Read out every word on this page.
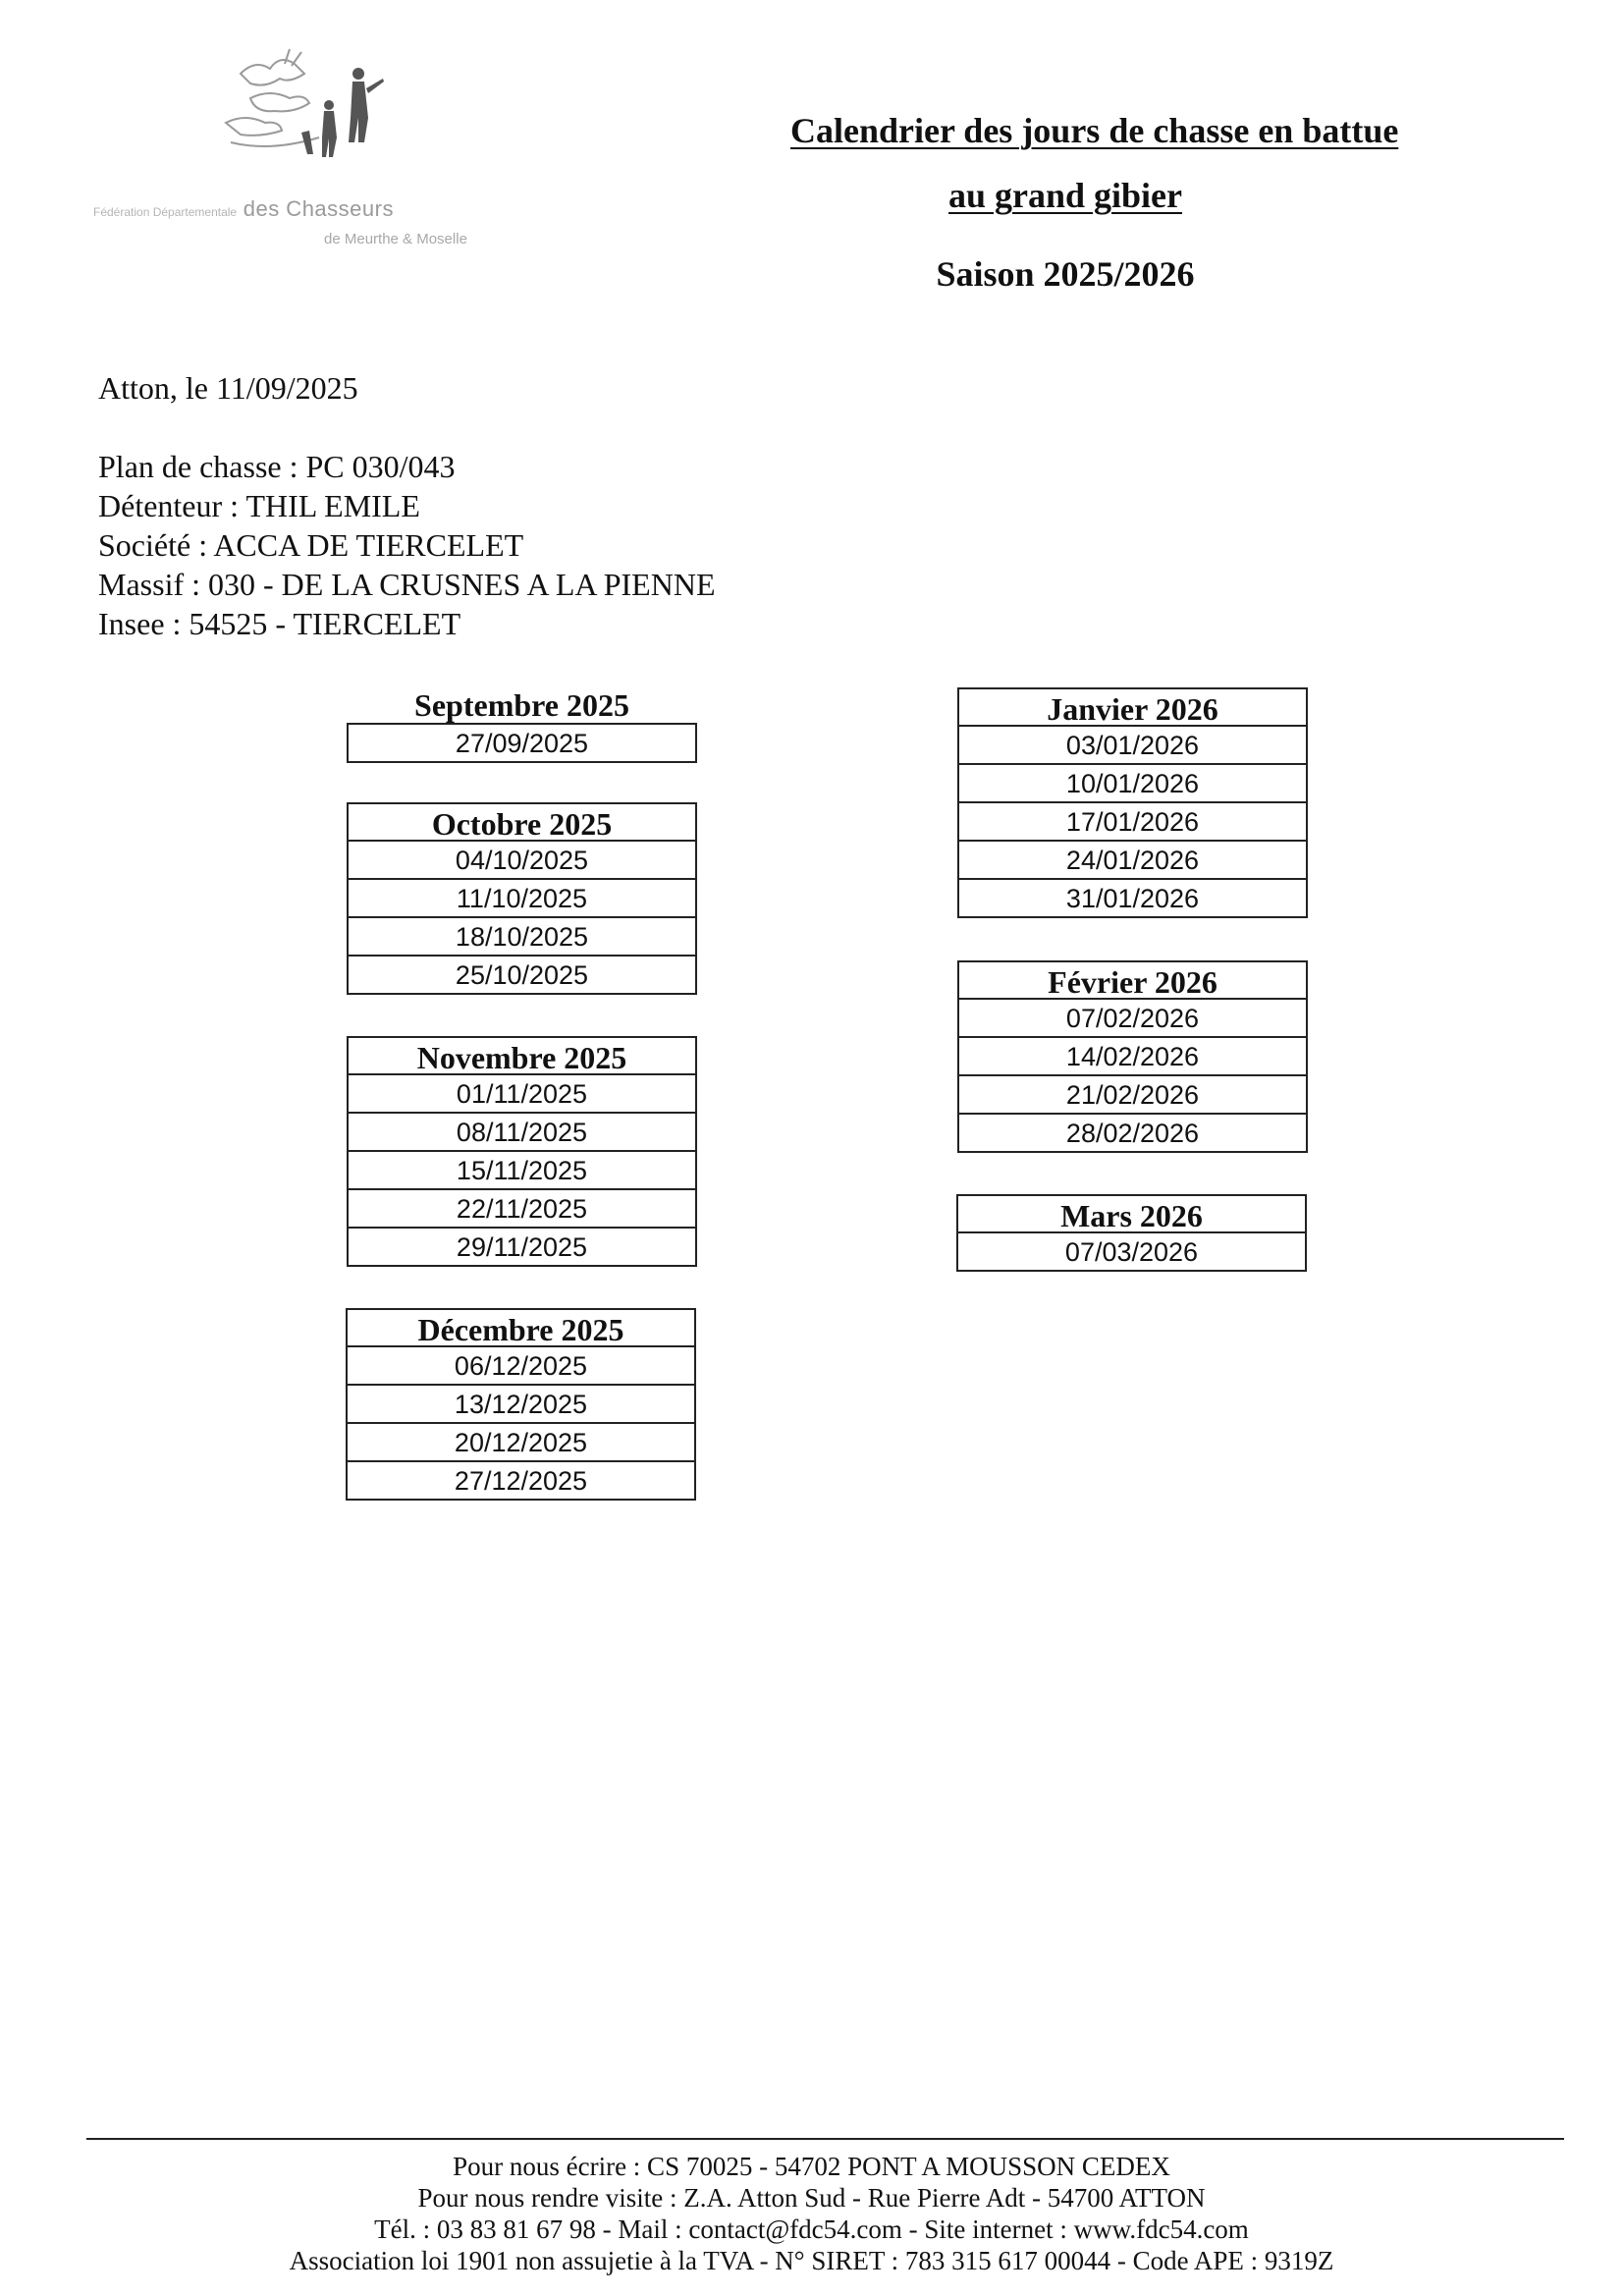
Fédération Départementale des Chasseurs
de Meurthe & Moselle
Calendrier des jours de chasse en battue
au grand gibier
Saison 2025/2026
Atton, le 11/09/2025
Plan de chasse : PC 030/043
Détenteur : THIL EMILE
Société : ACCA DE TIERCELET
Massif : 030 - DE LA CRUSNES A LA PIENNE
Insee : 54525 - TIERCELET
Septembre 2025
27/09/2025
Octobre 2025
04/10/2025
11/10/2025
18/10/2025
25/10/2025
Novembre 2025
01/11/2025
08/11/2025
15/11/2025
22/11/2025
29/11/2025
Décembre 2025
06/12/2025
13/12/2025
20/12/2025
27/12/2025
Janvier 2026
03/01/2026
10/01/2026
17/01/2026
24/01/2026
31/01/2026
Février 2026
07/02/2026
14/02/2026
21/02/2026
28/02/2026
Mars 2026
07/03/2026
Pour nous écrire : CS 70025 - 54702 PONT A MOUSSON CEDEX
Pour nous rendre visite : Z.A. Atton Sud - Rue Pierre Adt - 54700 ATTON
Tél. : 03 83 81 67 98 - Mail : contact@fdc54.com - Site internet : www.fdc54.com
Association loi 1901 non assujetie à la TVA - N° SIRET : 783 315 617 00044 - Code APE : 9319Z
